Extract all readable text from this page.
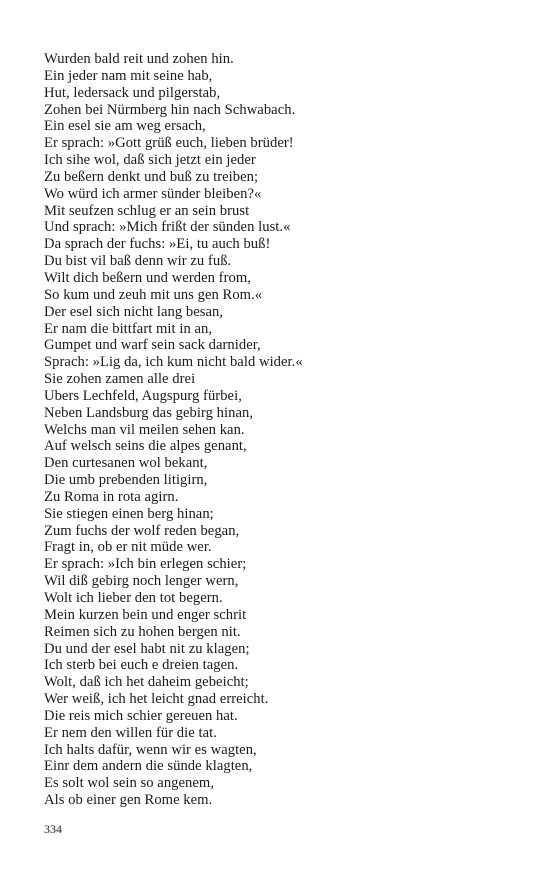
Wurden bald reit und zohen hin.
Ein jeder nam mit seine hab,
Hut, ledersack und pilgerstab,
Zohen bei Nürmberg hin nach Schwabach.
Ein esel sie am weg ersach,
Er sprach: »Gott grüß euch, lieben brüder!
Ich sihe wol, daß sich jetzt ein jeder
Zu beßern denkt und buß zu treiben;
Wo würd ich armer sünder bleiben?«
Mit seufzen schlug er an sein brust
Und sprach: »Mich frißt der sünden lust.«
Da sprach der fuchs: »Ei, tu auch buß!
Du bist vil baß denn wir zu fuß.
Wilt dich beßern und werden from,
So kum und zeuh mit uns gen Rom.«
Der esel sich nicht lang besan,
Er nam die bittfart mit in an,
Gumpet und warf sein sack darnider,
Sprach: »Lig da, ich kum nicht bald wider.«
Sie zohen zamen alle drei
Ubers Lechfeld, Augspurg fürbei,
Neben Landsburg das gebirg hinan,
Welchs man vil meilen sehen kan.
Auf welsch seins die alpes genant,
Den curtesanen wol bekant,
Die umb prebenden litigirn,
Zu Roma in rota agirn.
Sie stiegen einen berg hinan;
Zum fuchs der wolf reden began,
Fragt in, ob er nit müde wer.
Er sprach: »Ich bin erlegen schier;
Wil diß gebirg noch lenger wern,
Wolt ich lieber den tot begern.
Mein kurzen bein und enger schrit
Reimen sich zu hohen bergen nit.
Du und der esel habt nit zu klagen;
Ich sterb bei euch e dreien tagen.
Wolt, daß ich het daheim gebeicht;
Wer weiß, ich het leicht gnad erreicht.
Die reis mich schier gereuen hat.
Er nem den willen für die tat.
Ich halts dafür, wenn wir es wagten,
Einr dem andern die sünde klagten,
Es solt wol sein so angenem,
Als ob einer gen Rome kem.
334
